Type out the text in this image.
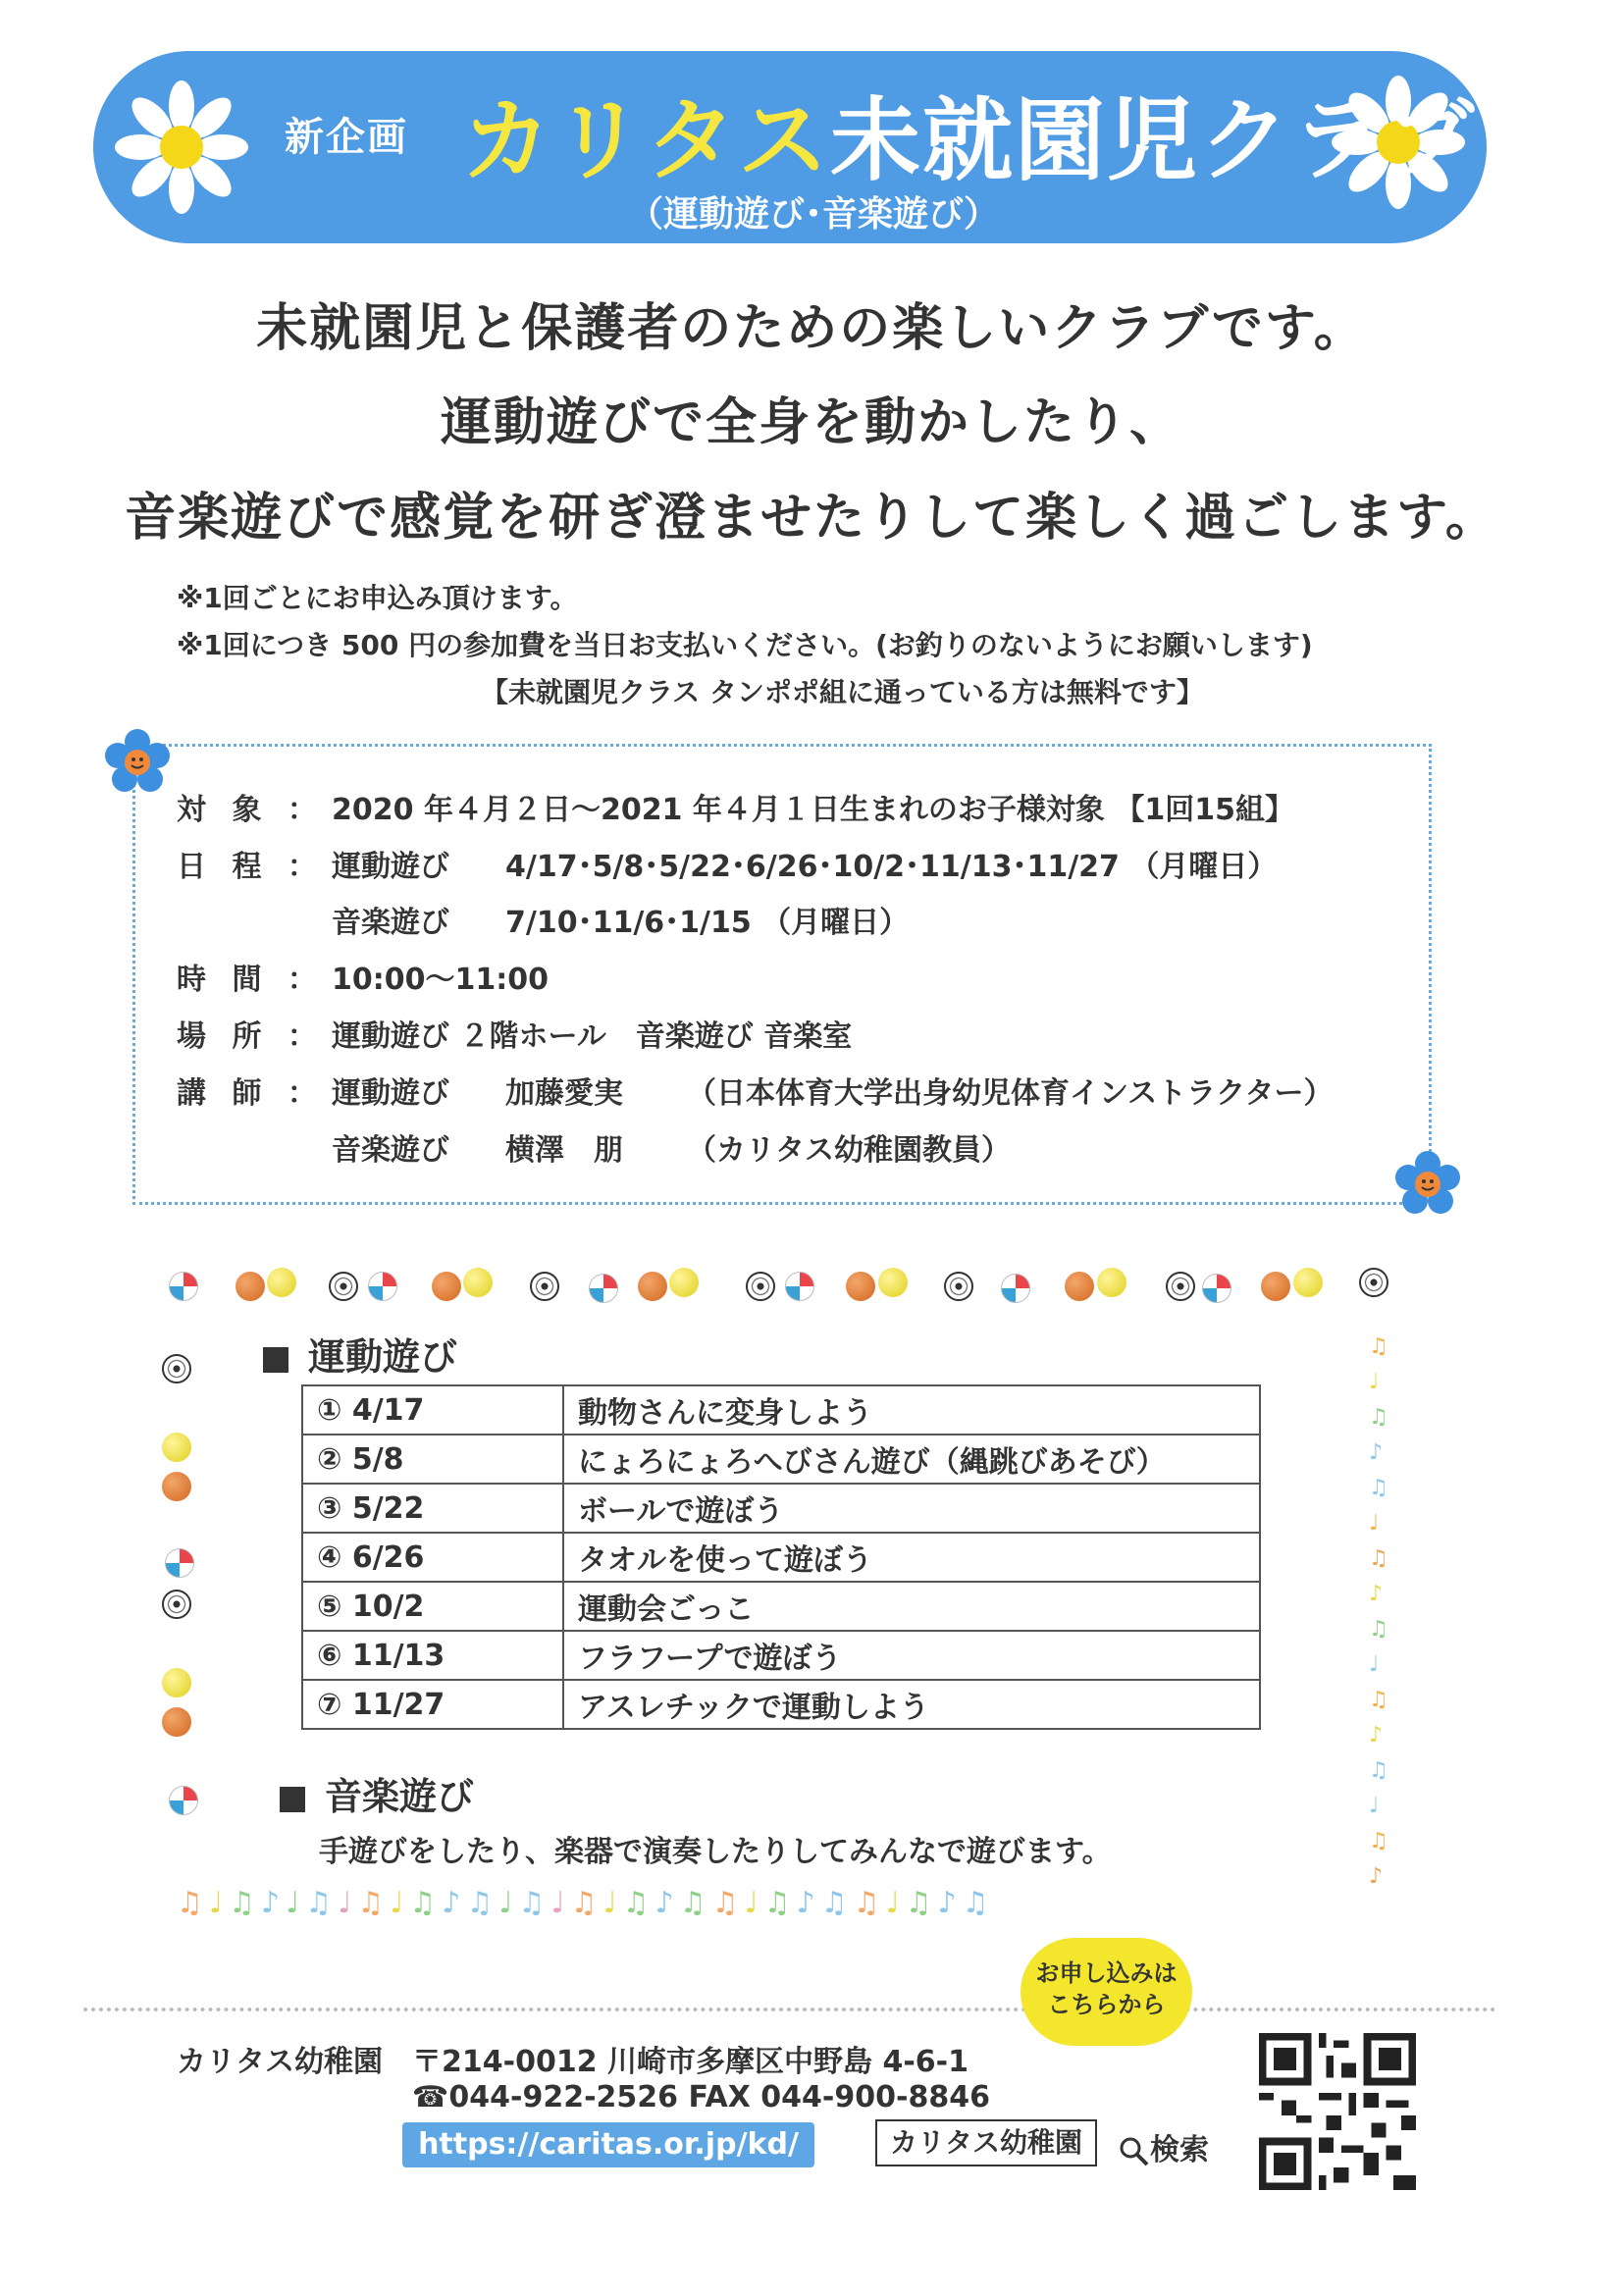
新企画 カリタス未就園児クラブ
（運動遊び･音楽遊び）
未就園児と保護者のための楽しいクラブです。
運動遊びで全身を動かしたり、
音楽遊びで感覚を研ぎ澄ませたりして楽しく過ごします。
※1回ごとにお申込み頂けます。
※1回につき 500 円の参加費を当日お支払いください。(お釣りのないようにお願いします)
【未就園児クラス タンポポ組に通っている方は無料です】
対 象 ： 2020 年４月２日～2021 年４月１日生まれのお子様対象 【1回15組】
日 程 ： 運動遊び 4/17･5/8･5/22･6/26･10/2･11/13･11/27 （月曜日）
音楽遊び 7/10･11/6･1/15 （月曜日）
時 間 ： 10:00～11:00
場 所 ： 運動遊び ２階ホール　音楽遊び 音楽室
講 師 ： 運動遊び 加藤愛実 （日本体育大学出身幼児体育インストラクター）
音楽遊び 横澤　朋 （カリタス幼稚園教員）
♫
♩
♫
♪
♫
♩
♫
♪
♫
♩
♫
♪
♫
♩
♫
♪
♫♩♫♪♩♫♩♫♩♫♪♫♩♫♩♫♩♫♪♫♫♩♫♪♫♫♩♫♪♫
運動遊び
① 4/17	動物さんに変身しよう
② 5/8	にょろにょろへびさん遊び（縄跳びあそび）
③ 5/22	ボールで遊ぼう
④ 6/26	タオルを使って遊ぼう
⑤ 10/2	運動会ごっこ
⑥ 11/13	フラフープで遊ぼう
⑦ 11/27	アスレチックで運動しよう
音楽遊び
手遊びをしたり、楽器で演奏したりしてみんなで遊びます。
お申し込みは
こちらから
カリタス幼稚園 〒214-0012 川崎市多摩区中野島 4-6-1
☎044-922-2526 FAX 044-900-8846
https://caritas.or.jp/kd/	カリタス幼稚園	検索
